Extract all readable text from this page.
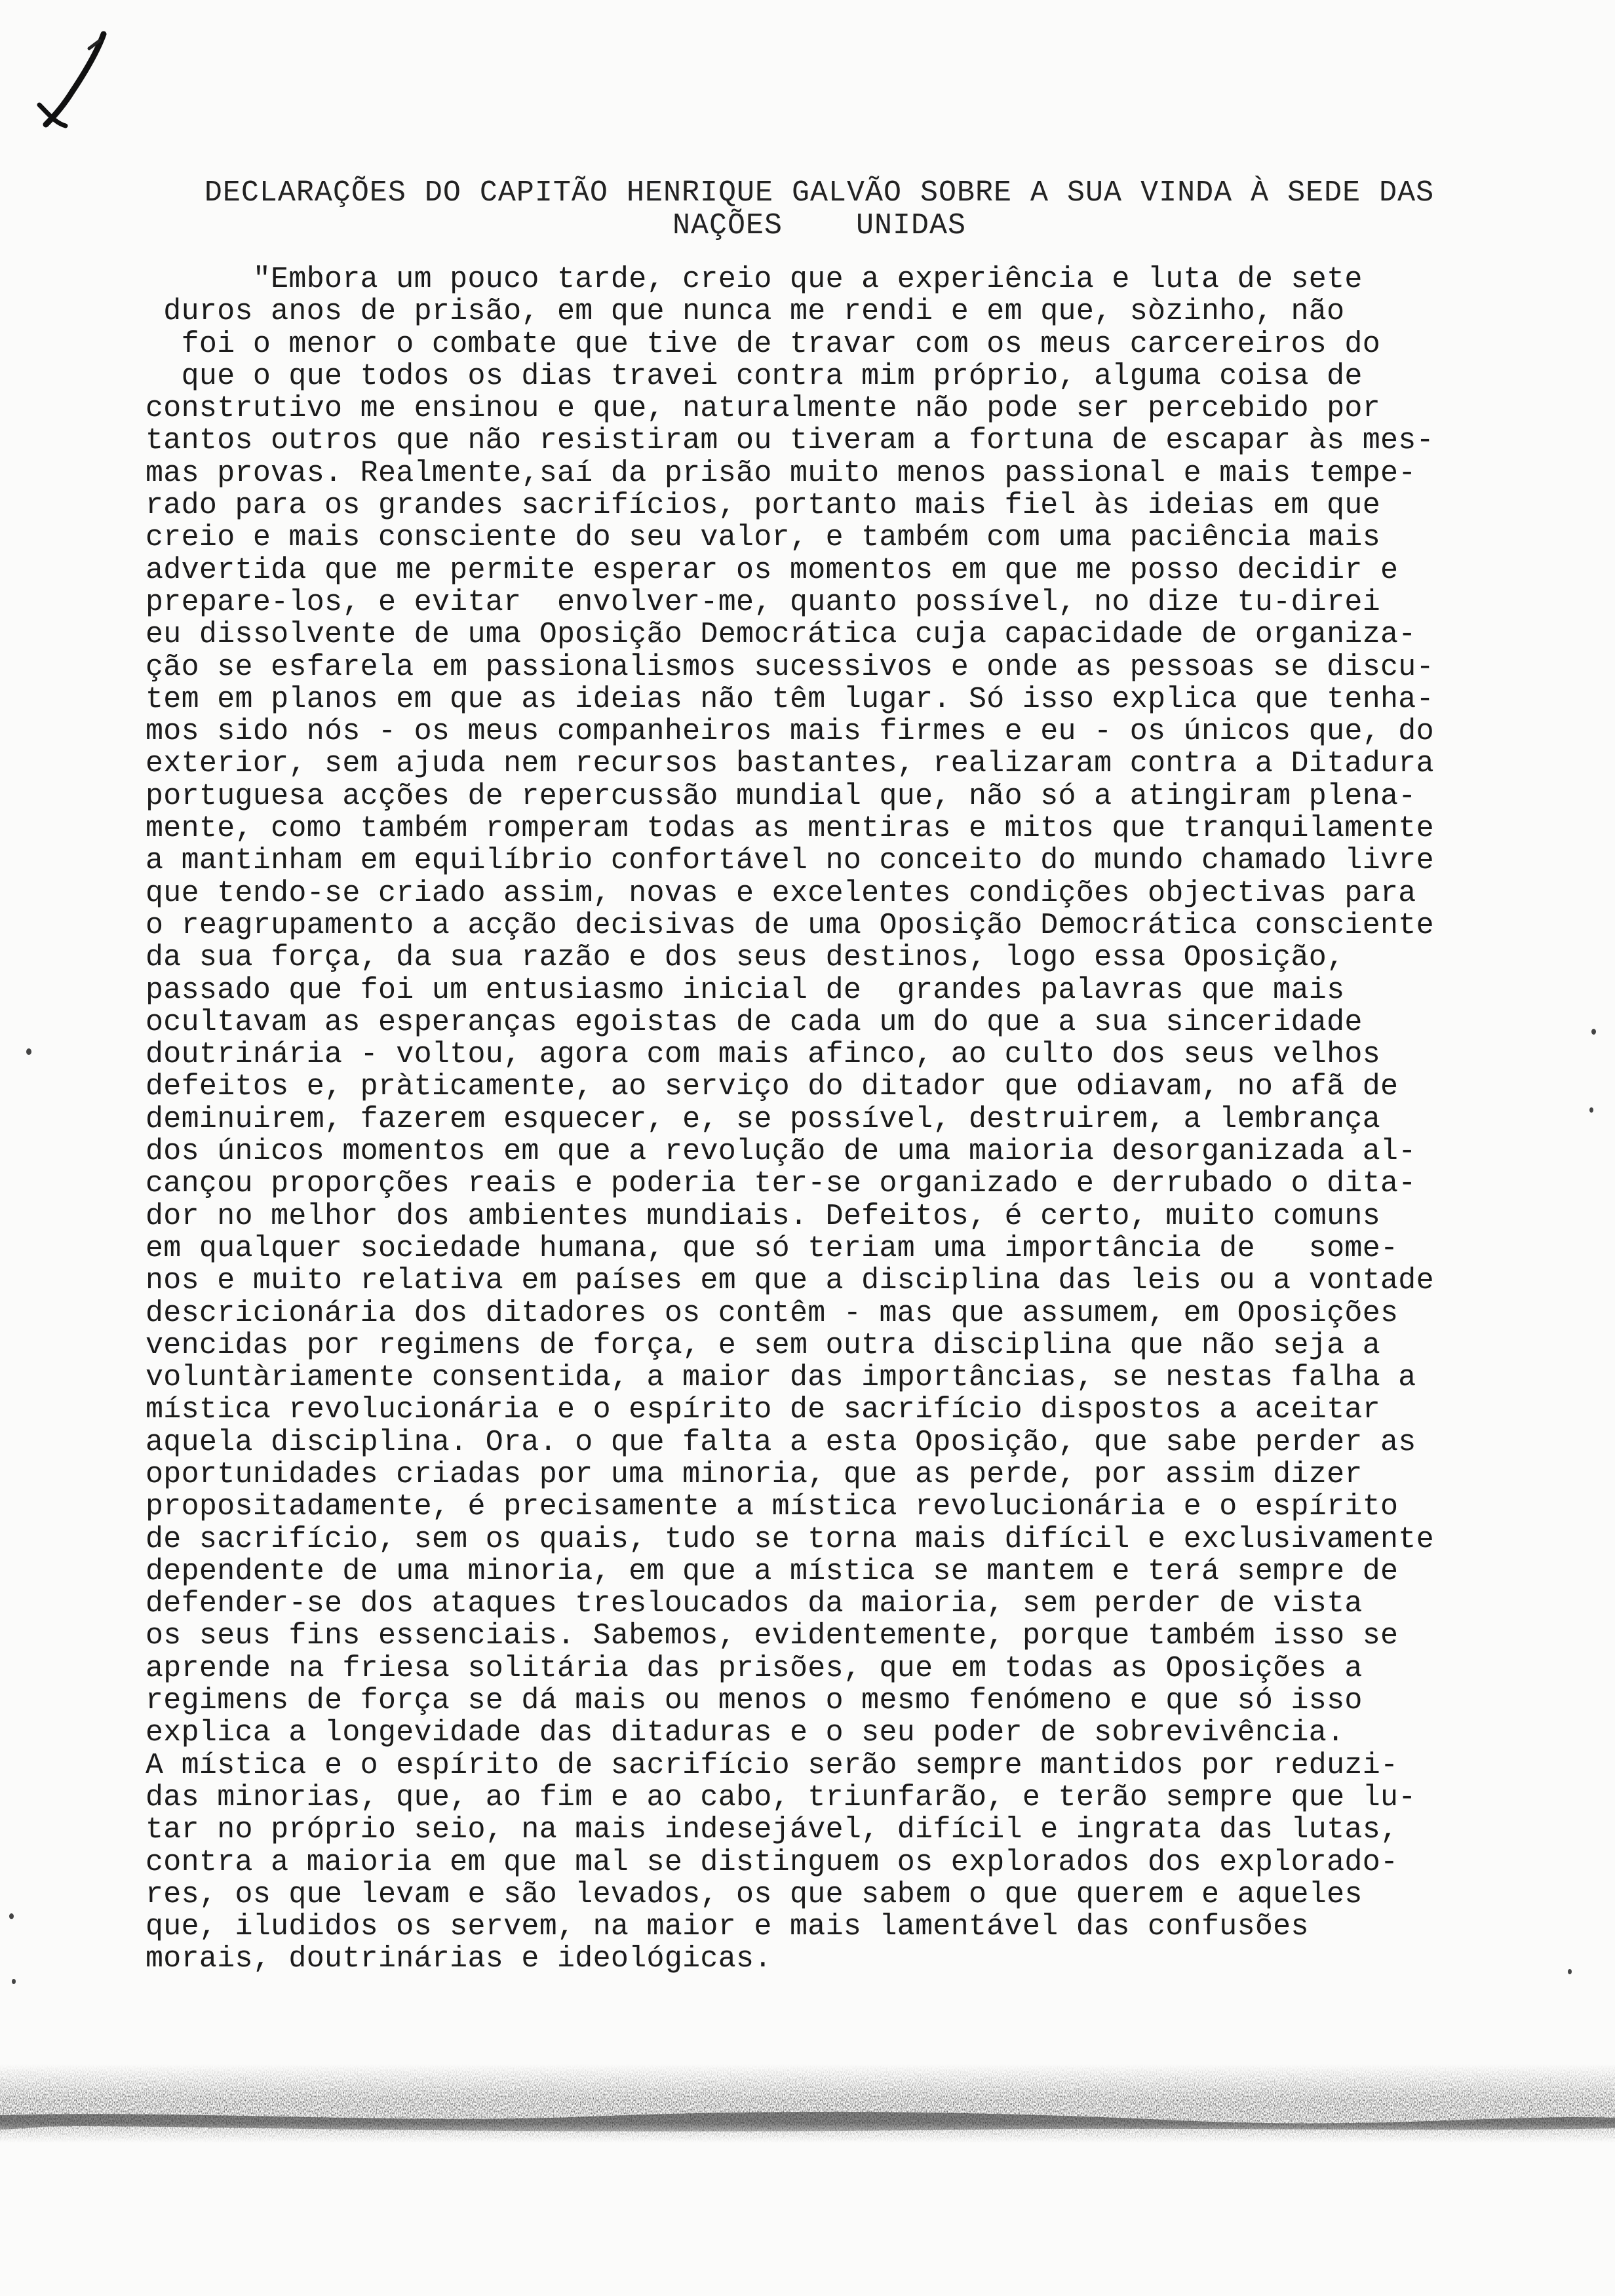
DECLARAÇÕES DO CAPITÃO HENRIQUE GALVÃO SOBRE A SUA VINDA À SEDE DAS
NAÇÕES    UNIDAS
"Embora um pouco tarde, creio que a experiência e luta de sete
duros anos de prisão, em que nunca me rendi e em que, sòzinho, não
foi o menor o combate que tive de travar com os meus carcereiros do
que o que todos os dias travei contra mim próprio, alguma coisa de
construtivo me ensinou e que, naturalmente não pode ser percebido por
tantos outros que não resistiram ou tiveram a fortuna de escapar às mes-
mas provas. Realmente,saí da prisão muito menos passional e mais tempe-
rado para os grandes sacrifícios, portanto mais fiel às ideias em que
creio e mais consciente do seu valor, e também com uma paciência mais
advertida que me permite esperar os momentos em que me posso decidir e
prepare-los, e evitar  envolver-me, quanto possível, no dize tu-direi
eu dissolvente de uma Oposição Democrática cuja capacidade de organiza-
ção se esfarela em passionalismos sucessivos e onde as pessoas se discu-
tem em planos em que as ideias não têm lugar. Só isso explica que tenha-
mos sido nós - os meus companheiros mais firmes e eu - os únicos que, do
exterior, sem ajuda nem recursos bastantes, realizaram contra a Ditadura
portuguesa acções de repercussão mundial que, não só a atingiram plena-
mente, como também romperam todas as mentiras e mitos que tranquilamente
a mantinham em equilíbrio confortável no conceito do mundo chamado livre
que tendo-se criado assim, novas e excelentes condições objectivas para
o reagrupamento a acção decisivas de uma Oposição Democrática consciente
da sua força, da sua razão e dos seus destinos, logo essa Oposição,
passado que foi um entusiasmo inicial de  grandes palavras que mais
ocultavam as esperanças egoistas de cada um do que a sua sinceridade
doutrinária - voltou, agora com mais afinco, ao culto dos seus velhos
defeitos e, pràticamente, ao serviço do ditador que odiavam, no afã de
deminuirem, fazerem esquecer, e, se possível, destruirem, a lembrança
dos únicos momentos em que a revolução de uma maioria desorganizada al-
cançou proporções reais e poderia ter-se organizado e derrubado o dita-
dor no melhor dos ambientes mundiais. Defeitos, é certo, muito comuns
em qualquer sociedade humana, que só teriam uma importância de   some-
nos e muito relativa em países em que a disciplina das leis ou a vontade
descricionária dos ditadores os contêm - mas que assumem, em Oposições
vencidas por regimens de força, e sem outra disciplina que não seja a
voluntàriamente consentida, a maior das importâncias, se nestas falha a
mística revolucionária e o espírito de sacrifício dispostos a aceitar
aquela disciplina. Ora. o que falta a esta Oposição, que sabe perder as
oportunidades criadas por uma minoria, que as perde, por assim dizer
propositadamente, é precisamente a mística revolucionária e o espírito
de sacrifício, sem os quais, tudo se torna mais difícil e exclusivamente
dependente de uma minoria, em que a mística se mantem e terá sempre de
defender-se dos ataques tresloucados da maioria, sem perder de vista
os seus fins essenciais. Sabemos, evidentemente, porque também isso se
aprende na friesa solitária das prisões, que em todas as Oposições a
regimens de força se dá mais ou menos o mesmo fenómeno e que só isso
explica a longevidade das ditaduras e o seu poder de sobrevivência.
A mística e o espírito de sacrifício serão sempre mantidos por reduzi-
das minorias, que, ao fim e ao cabo, triunfarão, e terão sempre que lu-
tar no próprio seio, na mais indesejável, difícil e ingrata das lutas,
contra a maioria em que mal se distinguem os explorados dos explorado-
res, os que levam e são levados, os que sabem o que querem e aqueles
que, iludidos os servem, na maior e mais lamentável das confusões
morais, doutrinárias e ideológicas.
